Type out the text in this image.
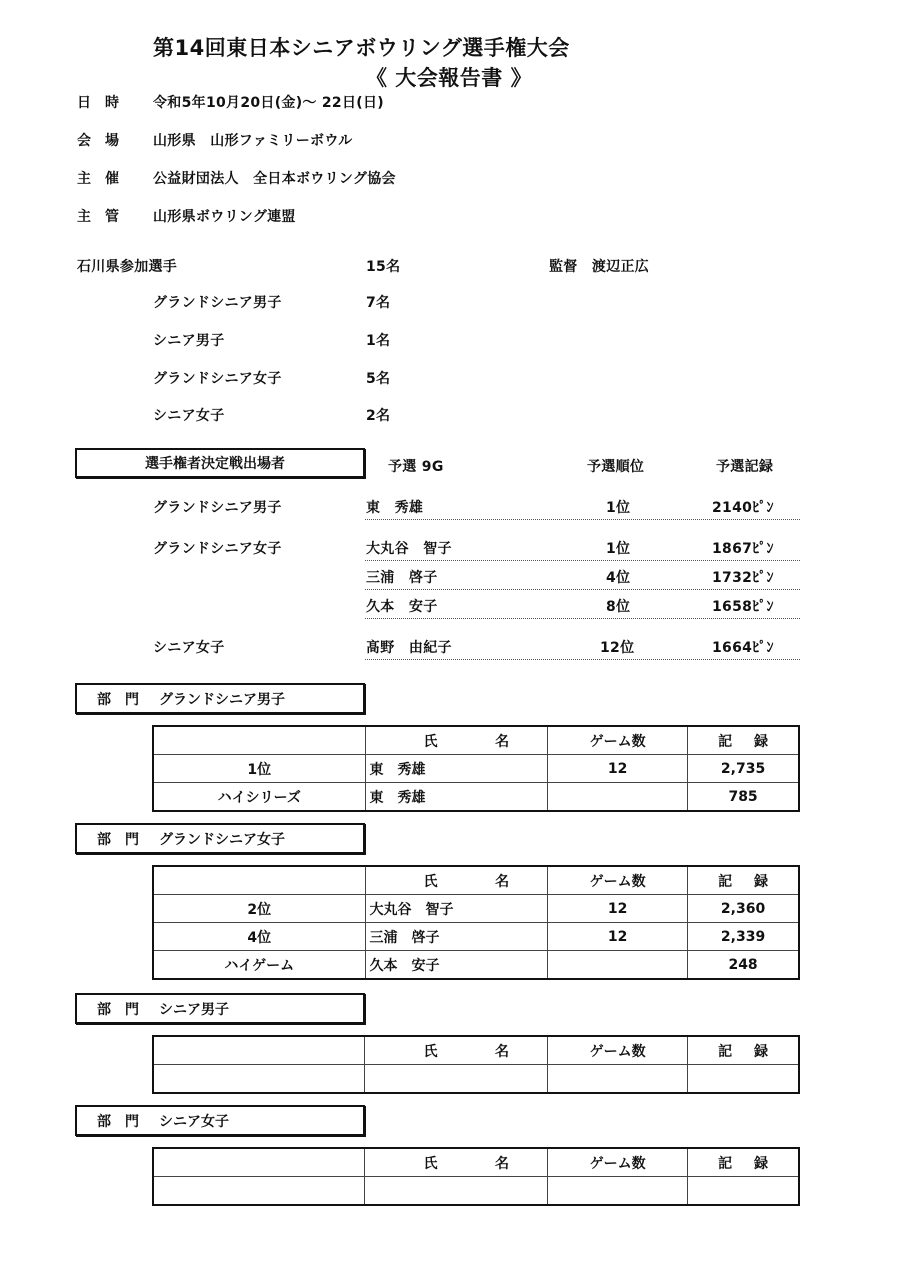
第14回東日本シニアボウリング選手権大会
《 大会報告書 》
日時 令和5年10月20日(金)～ 22日(日)
会場 山形県　山形ファミリーボウル
主催 公益財団法人　全日本ボウリング協会
主管 山形県ボウリング連盟
石川県参加選手	15名	監督　渡辺正広
グランドシニア男子	7名
シニア男子	1名
グランドシニア女子	5名
シニア女子	2名
選手権者決定戦出場者	予選 9G	予選順位	予選記録
グランドシニア男子	東　秀雄	1位	2140ﾋﾟﾝ
グランドシニア女子	大丸谷　智子	1位	1867ﾋﾟﾝ
三浦　啓子	4位	1732ﾋﾟﾝ
久本　安子	8位	1658ﾋﾟﾝ
シニア女子	髙野　由紀子	12位	1664ﾋﾟﾝ
部　門 グランドシニア男子

	氏 名	ゲーム数	記 録

1位	東　秀雄	12	2,735
ハイシリーズ	東　秀雄		785
部　門 グランドシニア女子

	氏 名	ゲーム数	記 録

2位	大丸谷　智子	12	2,360
4位	三浦　啓子	12	2,339
ハイゲーム	久本　安子		248
部　門 シニア男子

	氏 名	ゲーム数	記 録

部　門 シニア女子

	氏 名	ゲーム数	記 録
